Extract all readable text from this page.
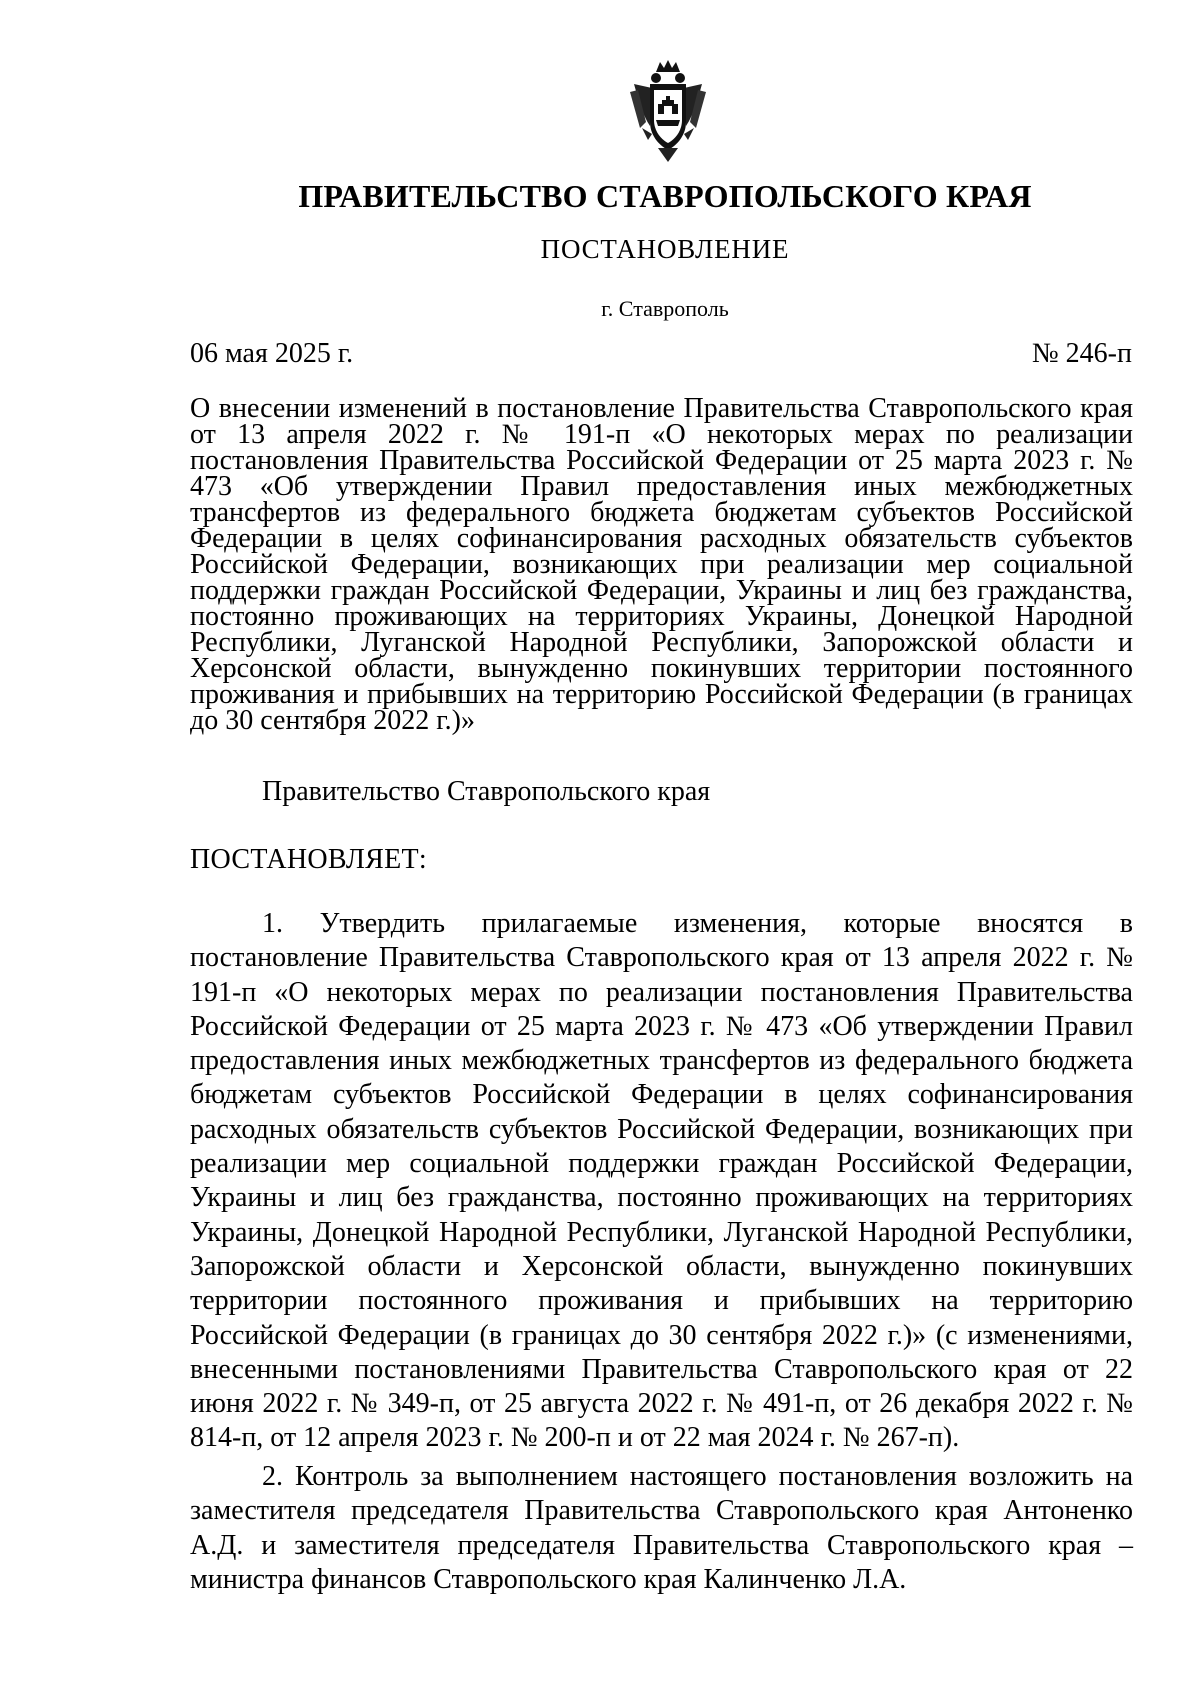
ПРАВИТЕЛЬСТВО СТАВРОПОЛЬСКОГО КРАЯ
ПОСТАНОВЛЕНИЕ
г. Ставрополь
06 мая 2025 г.	№ 246-п
О внесении изменений в постановление Правительства Ставропольского края от 13 апреля 2022 г. № 191-п «О некоторых мерах по реализации постановления Правительства Российской Федерации от 25 марта 2023 г. № 473 «Об утверждении Правил предоставления иных межбюджетных трансфертов из федерального бюджета бюджетам субъектов Российской Федерации в целях софинансирования расходных обязательств субъектов Российской Федерации, возникающих при реализации мер социальной поддержки граждан Российской Федерации, Украины и лиц без гражданства, постоянно проживающих на территориях Украины, Донецкой Народной Республики, Луганской Народной Республики, Запорожской области и Херсонской области, вынужденно покинувших территории постоянного проживания и прибывших на территорию Российской Федерации (в границах до 30 сентября 2022 г.)»
Правительство Ставропольского края
ПОСТАНОВЛЯЕТ:
1. Утвердить прилагаемые изменения, которые вносятся в постановление Правительства Ставропольского края от 13 апреля 2022 г. № 191-п «О некоторых мерах по реализации постановления Правительства Российской Федерации от 25 марта 2023 г. № 473 «Об утверждении Правил предоставления иных межбюджетных трансфертов из федерального бюджета бюджетам субъектов Российской Федерации в целях софинансирования расходных обязательств субъектов Российской Федерации, возникающих при реализации мер социальной поддержки граждан Российской Федерации, Украины и лиц без гражданства, постоянно проживающих на территориях Украины, Донецкой Народной Республики, Луганской Народной Республики, Запорожской области и Херсонской области, вынужденно покинувших территории постоянного проживания и прибывших на территорию Российской Федерации (в границах до 30 сентября 2022 г.)» (с изменениями, внесенными постановлениями Правительства Ставропольского края от 22 июня 2022 г. № 349-п, от 25 августа 2022 г. № 491-п, от 26 декабря 2022 г. № 814-п, от 12 апреля 2023 г. № 200-п и от 22 мая 2024 г. № 267-п).
2. Контроль за выполнением настоящего постановления возложить на заместителя председателя Правительства Ставропольского края Антоненко А.Д. и заместителя председателя Правительства Ставропольского края – министра финансов Ставропольского края Калинченко Л.А.
